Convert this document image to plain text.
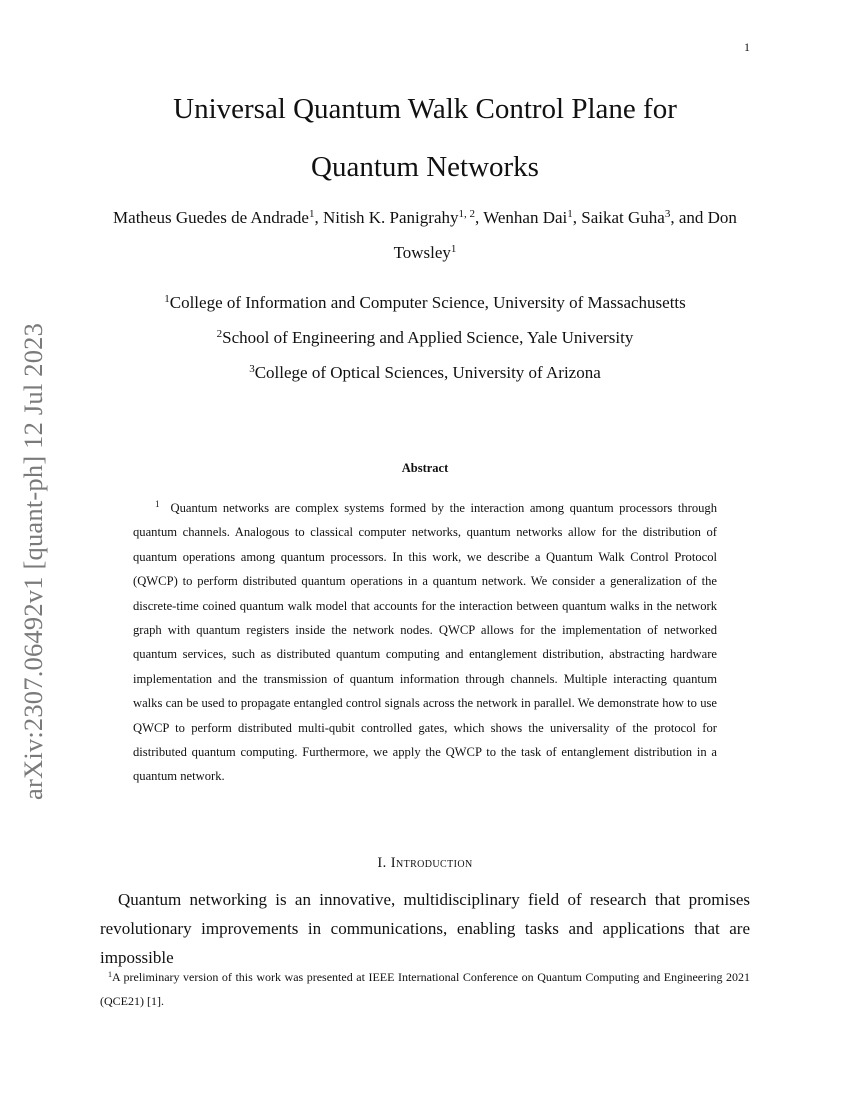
1
arXiv:2307.06492v1 [quant-ph] 12 Jul 2023
Universal Quantum Walk Control Plane for
Quantum Networks
Matheus Guedes de Andrade$^1$, Nitish K. Panigrahy$^{1, 2}$, Wenhan Dai$^1$, Saikat Guha$^3$, and Don Towsley$^1$
$^1$College of Information and Computer Science, University of Massachusetts
$^2$School of Engineering and Applied Science, Yale University
$^3$College of Optical Sciences, University of Arizona
Abstract
$^1$ Quantum networks are complex systems formed by the interaction among quantum processors through quantum channels. Analogous to classical computer networks, quantum networks allow for the distribution of quantum operations among quantum processors. In this work, we describe a Quantum Walk Control Protocol (QWCP) to perform distributed quantum operations in a quantum network. We consider a generalization of the discrete-time coined quantum walk model that accounts for the interaction between quantum walks in the network graph with quantum registers inside the network nodes. QWCP allows for the implementation of networked quantum services, such as distributed quantum computing and entanglement distribution, abstracting hardware implementation and the transmission of quantum information through channels. Multiple interacting quantum walks can be used to propagate entangled control signals across the network in parallel. We demonstrate how to use QWCP to perform distributed multi-qubit controlled gates, which shows the universality of the protocol for distributed quantum computing. Furthermore, we apply the QWCP to the task of entanglement distribution in a quantum network.
I. Introduction
Quantum networking is an innovative, multidisciplinary field of research that promises revolutionary improvements in communications, enabling tasks and applications that are impossible
$^1$A preliminary version of this work was presented at IEEE International Conference on Quantum Computing and Engineering 2021 (QCE21) [1].
